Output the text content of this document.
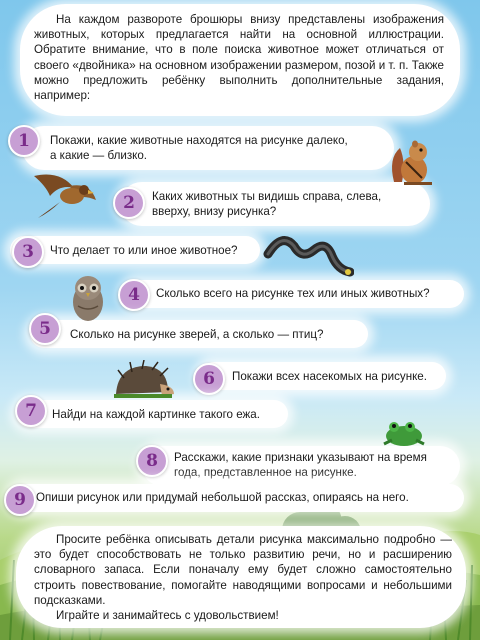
На каждом развороте брошюры внизу представлены изображения животных, которых предлагается найти на основной иллюстрации. Обратите внимание, что в поле поиска животное может отличаться от своего «двойника» на основном изображении размером, позой и т. п. Также можно предложить ребёнку выполнить дополнительные задания, например:

1	Покажи, какие животные находятся на рисунке далеко,
а какие — близко.
2	Каких животных ты видишь справа, слева,
вверху, внизу рисунка?
3	Что делает то или иное животное?
4	Сколько всего на рисунке тех или иных животных?
5	Сколько на рисунке зверей, а сколько — птиц?
6	Покажи всех насекомых на рисунке.
7	Найди на каждой картинке такого ежа.
8	Расскажи, какие признаки указывают на время
года, представленное на рисунке.
9 Опиши рисунок или придумай небольшой рассказ, опираясь на него.

Просите ребёнка описывать детали рисунка максимально подробно — это будет способствовать не только развитию речи, но и расширению словарного запаса. Если поначалу ему будет сложно самостоятельно строить повествование, помогайте наводящими вопросами и небольшими подсказками.

Играйте и занимайтесь с удовольствием!
